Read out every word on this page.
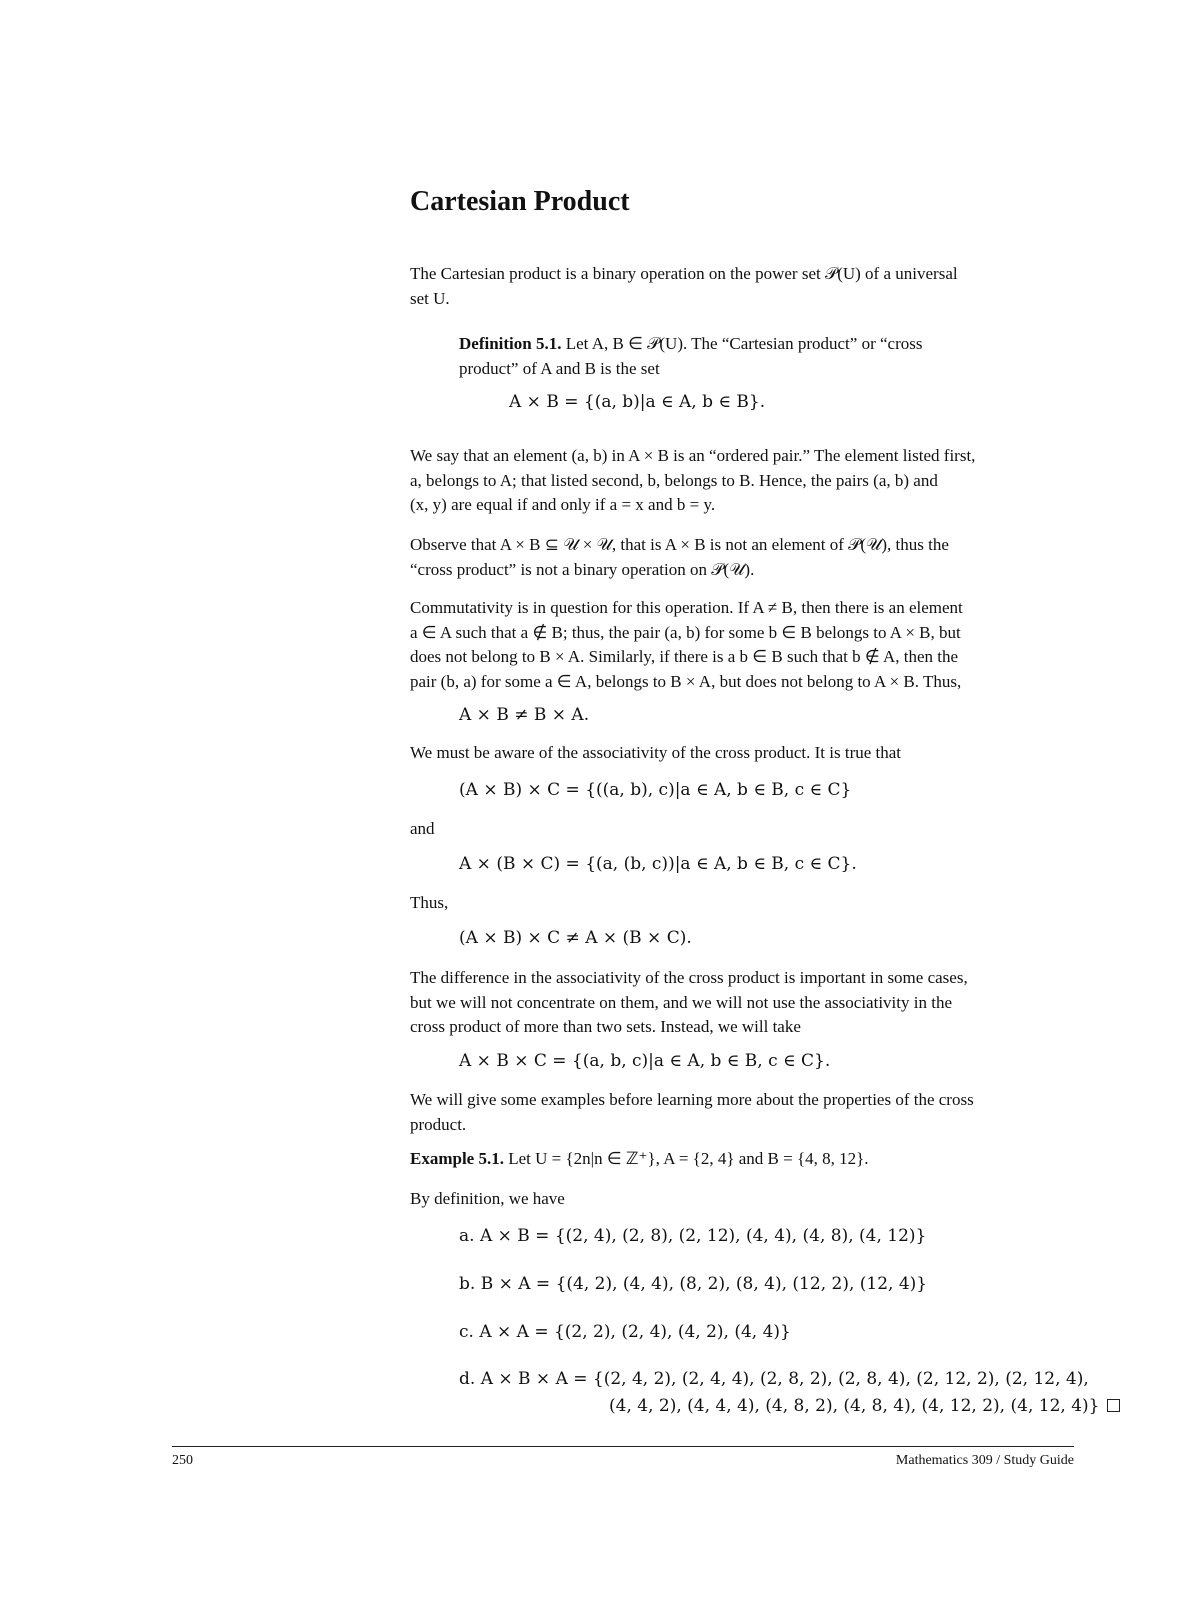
Cartesian Product
The Cartesian product is a binary operation on the power set 𝒫(U) of a universal
set U.
Definition 5.1. Let A, B ∈ 𝒫(U). The “Cartesian product” or “cross
product” of A and B is the set
A × B = {(a, b)|a ∈ A, b ∈ B}.
We say that an element (a, b) in A × B is an “ordered pair.” The element listed first,
a, belongs to A; that listed second, b, belongs to B. Hence, the pairs (a, b) and
(x, y) are equal if and only if a = x and b = y.
Observe that A × B ⊆ 𝒰 × 𝒰, that is A × B is not an element of 𝒫(𝒰), thus the
“cross product” is not a binary operation on 𝒫(𝒰).
Commutativity is in question for this operation. If A ≠ B, then there is an element
a ∈ A such that a ∉ B; thus, the pair (a, b) for some b ∈ B belongs to A × B, but
does not belong to B × A. Similarly, if there is a b ∈ B such that b ∉ A, then the
pair (b, a) for some a ∈ A, belongs to B × A, but does not belong to A × B. Thus,
A × B ≠ B × A.
We must be aware of the associativity of the cross product. It is true that
(A × B) × C = {((a, b), c)|a ∈ A, b ∈ B, c ∈ C}
and
A × (B × C) = {(a, (b, c))|a ∈ A, b ∈ B, c ∈ C}.
Thus,
(A × B) × C ≠ A × (B × C).
The difference in the associativity of the cross product is important in some cases,
but we will not concentrate on them, and we will not use the associativity in the
cross product of more than two sets. Instead, we will take
A × B × C = {(a, b, c)|a ∈ A, b ∈ B, c ∈ C}.
We will give some examples before learning more about the properties of the cross
product.
Example 5.1. Let U = {2n|n ∈ ℤ⁺}, A = {2, 4} and B = {4, 8, 12}.
By definition, we have
a. A × B = {(2, 4), (2, 8), (2, 12), (4, 4), (4, 8), (4, 12)}
b. B × A = {(4, 2), (4, 4), (8, 2), (8, 4), (12, 2), (12, 4)}
c. A × A = {(2, 2), (2, 4), (4, 2), (4, 4)}
d. A × B × A = {(2, 4, 2), (2, 4, 4), (2, 8, 2), (2, 8, 4), (2, 12, 2), (2, 12, 4),
(4, 4, 2), (4, 4, 4), (4, 8, 2), (4, 8, 4), (4, 12, 2), (4, 12, 4)}
250	Mathematics 309 / Study Guide
